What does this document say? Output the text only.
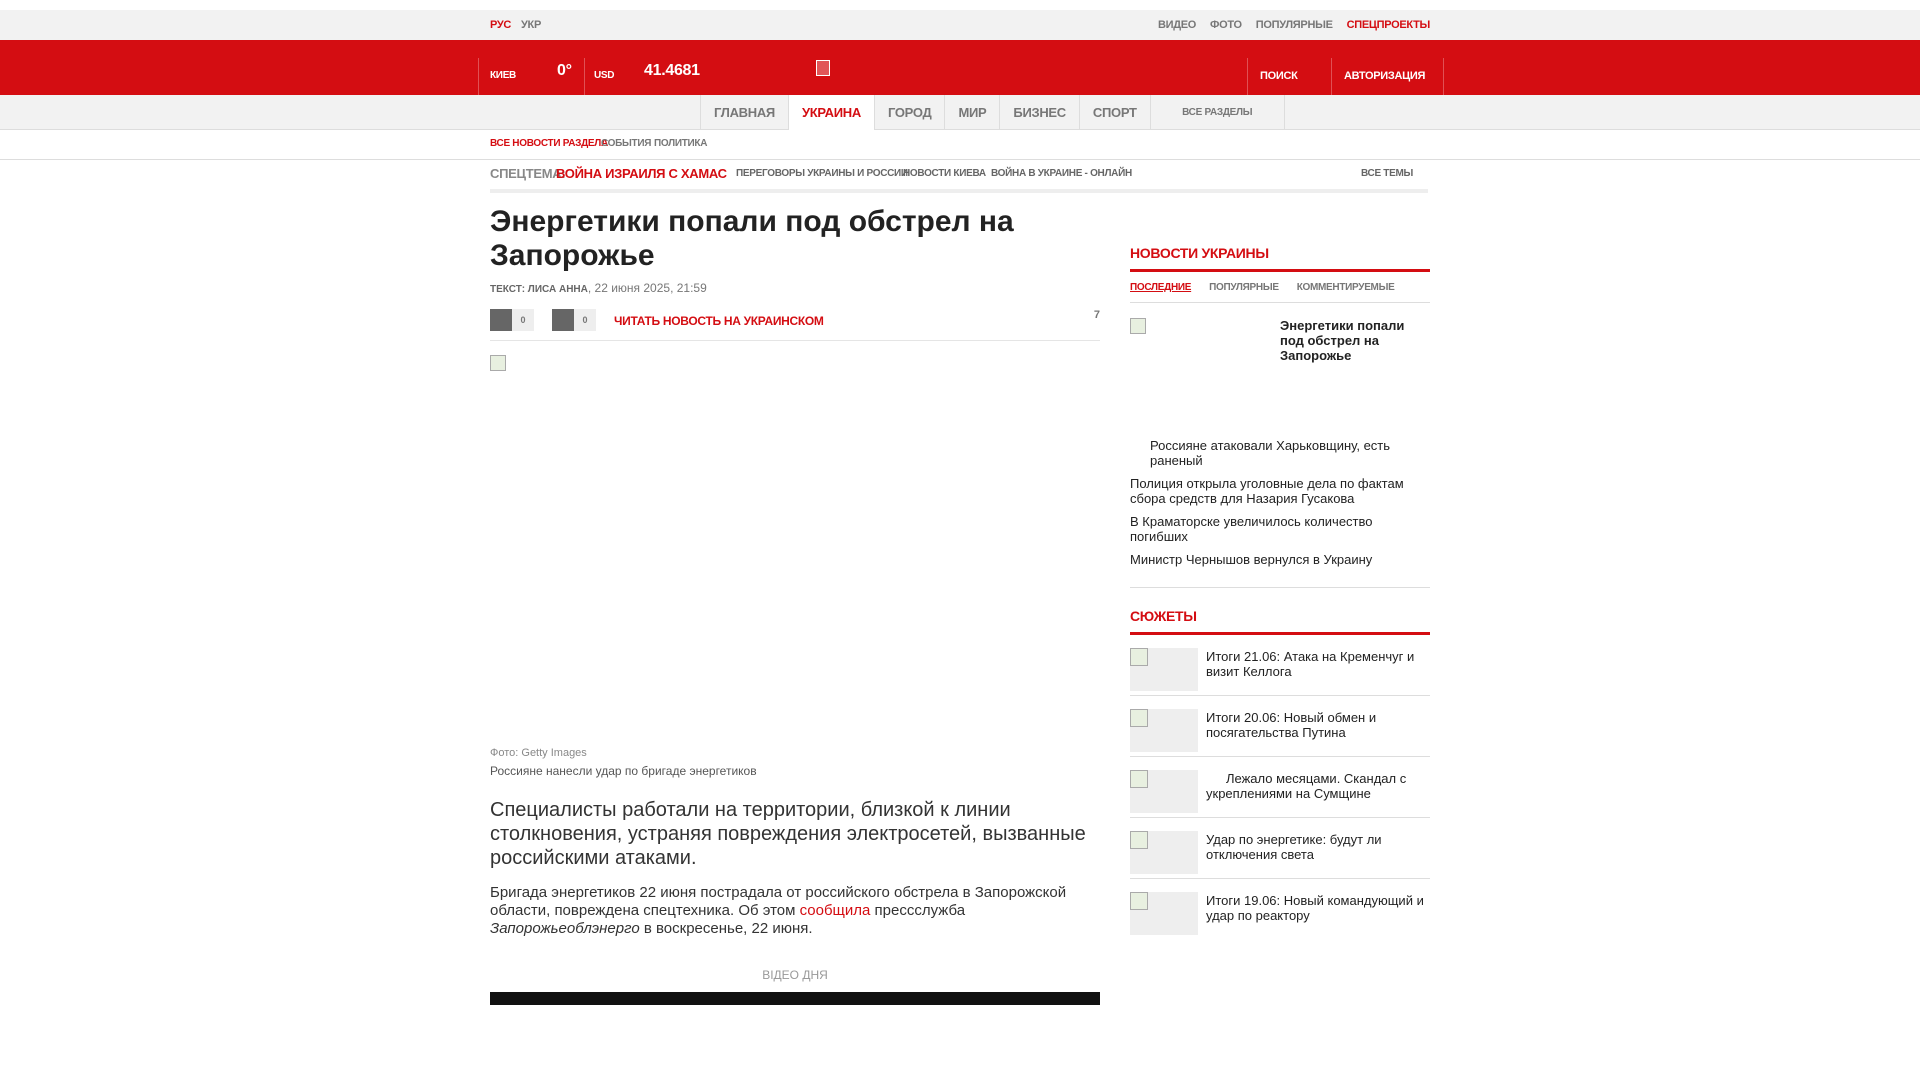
РУС УКР	ВИДЕО ФОТО ПОПУЛЯРНЫЕ СПЕЦПРОЕКТЫ
КИЕВ	0° USD 41.4681	ПОИСК	АВТОРИЗАЦИЯ
ГЛАВНАЯ	УКРАИНА	ГОРОД	МИР	БИЗНЕС	СПОРТ	ВСЕ РАЗДЕЛЫ
ВСЕ НОВОСТИ РАЗДЕЛА
СОБЫТИЯ ПОЛИТИКА
СПЕЦТЕМА:
ВОЙНА ИЗРАИЛЯ С ХАМАС ПЕРЕГОВОРЫ УКРАИНЫ И РОССИИ
НОВОСТИ КИЕВА ВОЙНА В УКРАИНЕ - ОНЛАЙН	ВСЕ ТЕМЫ
Энергетики попали под обстрел на Запорожье
ТЕКСТ: ЛИСА АННА, 22 июня 2025, 21:59
0	0	ЧИТАТЬ НОВОСТЬ НА УКРАИНСКОМ	7
Фото: Getty Images
Россияне нанесли удар по бригаде энергетиков

Специалисты работали на территории, близкой к линии столкновения, устраняя повреждения электросетей, вызванные российскими атаками.

Бригада энергетиков 22 июня пострадала от российского обстрела в Запорожской области, повреждена спецтехника. Об этом сообщила пресcслужба Запорожьеоблэнерго в воскресенье, 22 июня.

ВІДЕО ДНЯ
НОВОСТИ УКРАИНЫ
ПОСЛЕДНИЕ ПОПУЛЯРНЫЕ КОММЕНТИРУЕМЫЕ
Энергетики попали под обстрел на Запорожье
Россияне атаковали Харьковщину, есть раненый
Полиция открыла уголовные дела по фактам сбора средств для Назария Гусакова
В Краматорске увеличилось количество погибших
Министр Чернышов вернулся в Украину
СЮЖЕТЫ
Итоги 21.06: Атака на Кременчуг и визит Келлога
Итоги 20.06: Новый обмен и посягательства Путина
Лежало месяцами. Скандал с укреплениями на Сумщине
Удар по энергетике: будут ли отключения света
Итоги 19.06: Новый командующий и удар по реактору
